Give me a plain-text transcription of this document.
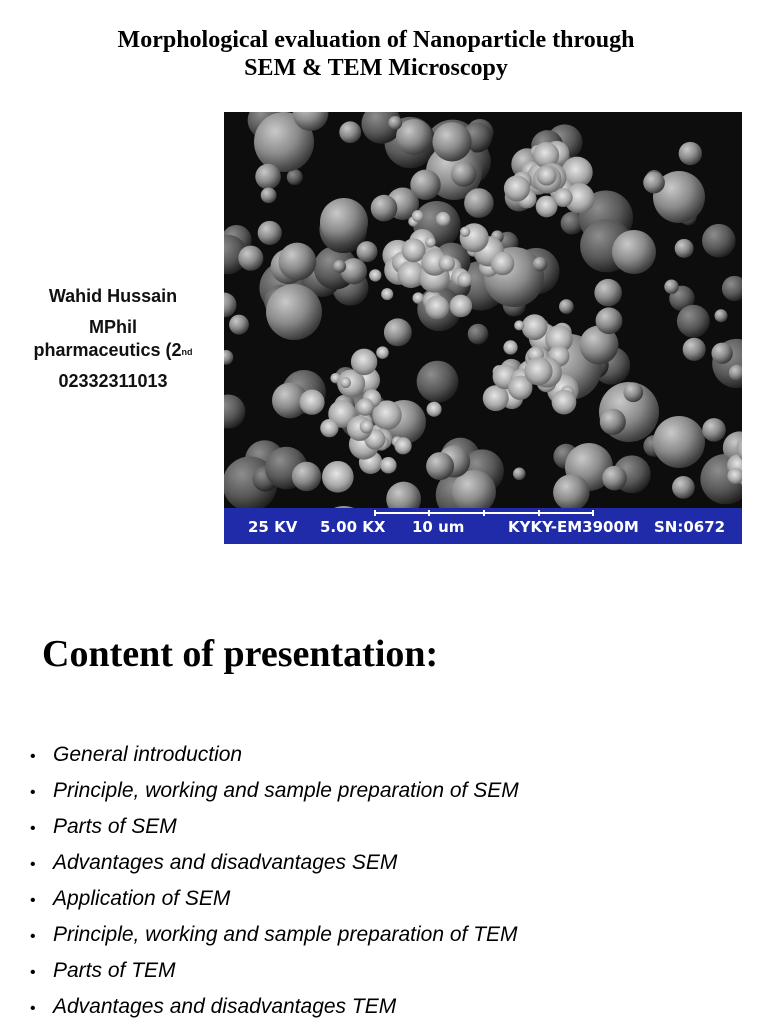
Morphological evaluation of Nanoparticle through
SEM & TEM Microscopy
Wahid Hussain
MPhil
pharmaceutics (2nd
02332311013
25 KV 5.00 KX 10 um	KYKY-EM3900M SN:0672
Content of presentation:
• General introduction
• Principle, working and sample preparation of SEM
• Parts of SEM
• Advantages and disadvantages SEM
• Application of SEM
• Principle, working and sample preparation of TEM
• Parts of TEM
• Advantages and disadvantages TEM
